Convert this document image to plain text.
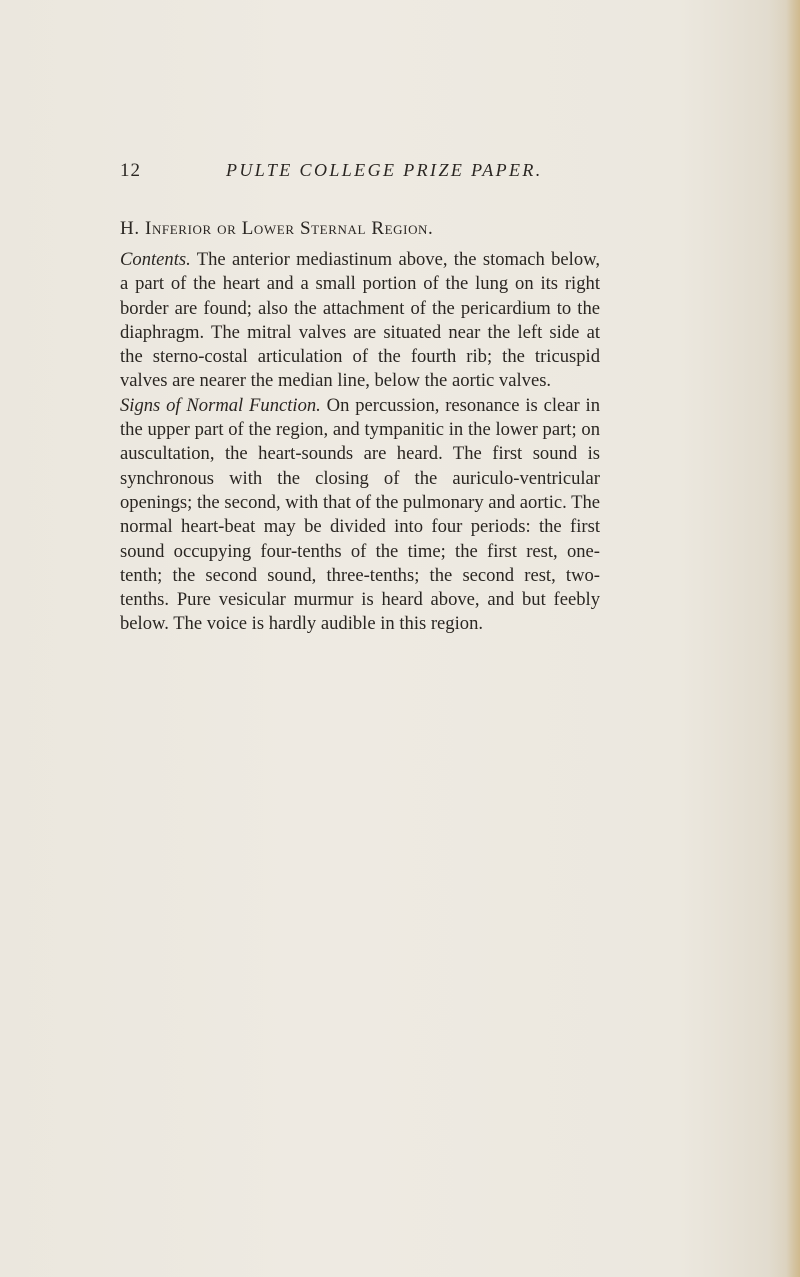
12	PULTE COLLEGE PRIZE PAPER.
H. Inferior or Lower Sternal Region.

Contents. The anterior mediastinum above, the stomach below, a part of the heart and a small portion of the lung on its right border are found; also the attachment of the pericardium to the diaphragm. The mitral valves are situated near the left side at the sterno-costal articulation of the fourth rib; the tricuspid valves are nearer the median line, below the aortic valves.

Signs of Normal Function. On percussion, resonance is clear in the upper part of the region, and tympanitic in the lower part; on auscultation, the heart-sounds are heard. The first sound is synchronous with the closing of the auriculo-ventricular openings; the second, with that of the pulmonary and aortic. The normal heart-beat may be divided into four periods: the first sound occupying four-tenths of the time; the first rest, one-tenth; the second sound, three-tenths; the second rest, two-tenths. Pure vesicular murmur is heard above, and but feebly below. The voice is hardly audible in this region.
